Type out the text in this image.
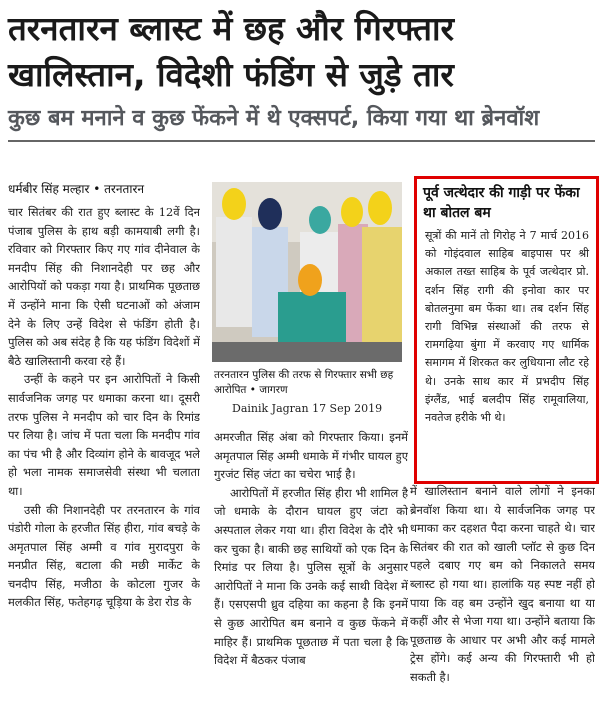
तरनतारन ब्लास्ट में छह और गिरफ्तार
खालिस्तान, विदेशी फंडिंग से जुड़े तार
कुछ बम मनाने व कुछ फेंकने में थे एक्सपर्ट, किया गया था ब्रेनवॉश
धर्मबीर सिंह मल्हार • तरनतारन

चार सितंबर की रात हुए ब्लास्ट के 12वें दिन पंजाब पुलिस के हाथ बड़ी कामयाबी लगी है। रविवार को गिरफ्तार किए गए गांव दीनेवाल के मनदीप सिंह की निशानदेही पर छह और आरोपियों को पकड़ा गया है। प्राथमिक पूछताछ में उन्होंने माना कि ऐसी घटनाओं को अंजाम देने के लिए उन्हें विदेश से फंडिंग होती है। पुलिस को अब संदेह है कि यह फंडिंग विदेशों में बैठे खालिस्तानी करवा रहे हैं।

उन्हीं के कहने पर इन आरोपितों ने किसी सार्वजनिक जगह पर धमाका करना था। दूसरी तरफ पुलिस ने मनदीप को चार दिन के रिमांड पर लिया है। जांच में पता चला कि मनदीप गांव का पंच भी है और दिव्यांग होने के बावजूद भले हो भला नामक समाजसेवी संस्था भी चलाता था।

उसी की निशानदेही पर तरनतारन के गांव पंडोरी गोला के हरजीत सिंह हीरा, गांव बचड़े के अमृतपाल सिंह अम्मी व गांव मुरादपुरा के मनप्रीत सिंह, बटाला की मछी मार्केट के चनदीप सिंह, मजीठा के कोटला गुजर के मलकीत सिंह, फतेहगढ़ चूड़िया के डेरा रोड के

तरनतारन पुलिस की तरफ से गिरफ्तार सभी छह आरोपित • जागरण
Dainik Jagran 17 Sep 2019

अमरजीत सिंह अंबा को गिरफ्तार किया। इनमें अमृतपाल सिंह अम्मी धमाके में गंभीर घायल हुए गुरजंट सिंह जंटा का चचेरा भाई है।

आरोपितों में हरजीत सिंह हीरा भी शामिल है जो धमाके के दौरान घायल हुए जंटा को अस्पताल लेकर गया था। हीरा विदेश के दौरे भी कर चुका है। बाकी छह साथियों को एक दिन के रिमांड पर लिया है। पुलिस सूत्रों के अनुसार आरोपितों ने माना कि उनके कई साथी विदेश में हैं। एसएसपी ध्रुव दहिया का कहना है कि इनमें से कुछ आरोपित बम बनाने व कुछ फेंकने में माहिर हैं। प्राथमिक पूछताछ में पता चला है कि विदेश में बैठकर पंजाब

पूर्व जत्थेदार की गाड़ी पर फेंका था बोतल बम
सूत्रों की मानें तो गिरोह ने 7 मार्च 2016 को गोइंदवाल साहिब बाइपास पर श्री अकाल तख्त साहिब के पूर्व जत्थेदार प्रो. दर्शन सिंह रागी की इनोवा कार पर बोतलनुमा बम फेंका था। तब दर्शन सिंह रागी विभिन्न संस्थाओं की तरफ से रामगढ़िया बुंगा में करवाए गए धार्मिक समागम में शिरकत कर लुधियाना लौट रहे थे। उनके साथ कार में प्रभदीप सिंह इंग्लैंड, भाई बलदीप सिंह रामूवालिया, नवतेज हरीके भी थे।

में खालिस्तान बनाने वाले लोगों ने इनका ब्रेनवॉश किया था। ये सार्वजनिक जगह पर धमाका कर दहशत पैदा करना चाहते थे। चार सितंबर की रात को खाली प्लॉट से कुछ दिन पहले दबाए गए बम को निकालते समय ब्लास्ट हो गया था। हालांकि यह स्पष्ट नहीं हो पाया कि वह बम उन्होंने खुद बनाया था या कहीं और से भेजा गया था। उन्होंने बताया कि पूछताछ के आधार पर अभी और कई मामले ट्रेस होंगे। कई अन्य की गिरफ्तारी भी हो सकती है।
